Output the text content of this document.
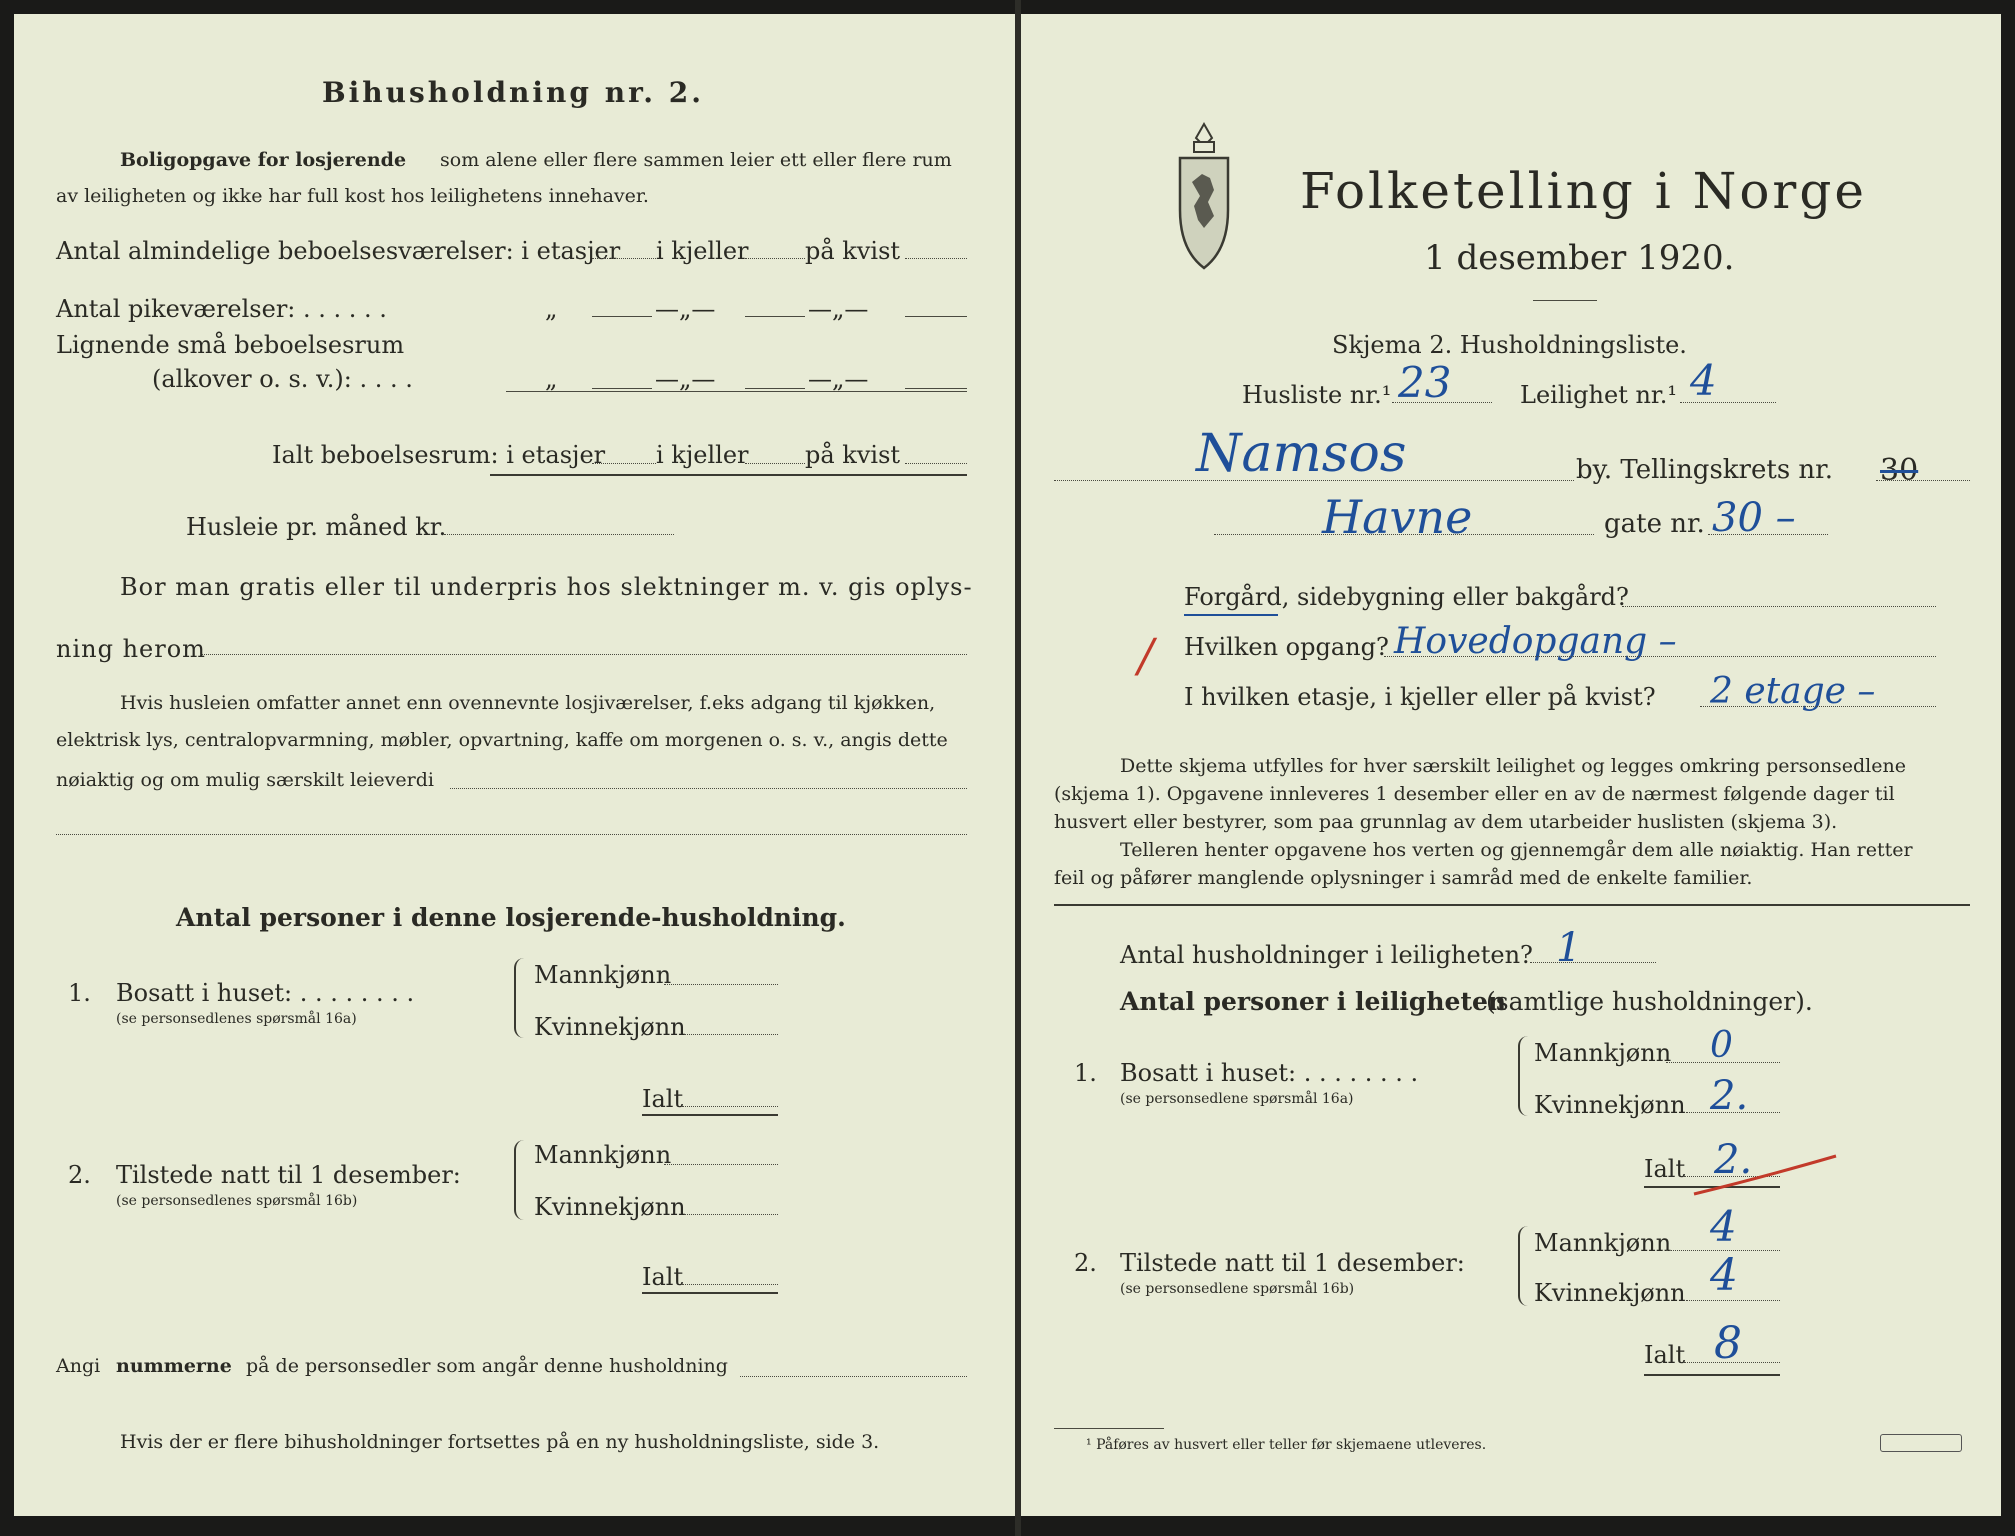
Bihusholdning nr. 2.
Boligopgave for losjerende som alene eller flere sammen leier ett eller flere rum
av leiligheten og ikke har full kost hos leilighetens innehaver.
Antal almindelige beboelsesværelser: i etasjer i kjeller på kvist
Antal pikeværelser: . . . . . .	„	—„—	—„—
Lignende små beboelsesrum
(alkover o. s. v.): . . . .	„	—„—	—„—
Ialt beboelsesrum: i etasjer i kjeller på kvist
Husleie pr. måned kr.
Bor man gratis eller til underpris hos slektninger m. v. gis oplys-
ning herom
Hvis husleien omfatter annet enn ovennevnte losjiværelser, f.eks adgang til kjøkken,
elektrisk lys, centralopvarmning, møbler, opvartning, kaffe om morgenen o. s. v., angis dette
nøiaktig og om mulig særskilt leieverdi
Antal personer i denne losjerende-husholdning.
1. Bosatt i huset: . . . . . . . .
(se personsedlenes spørsmål 16a)
Mannkjønn
Kvinnekjønn
Ialt
2. Tilstede natt til 1 desember:
(se personsedlenes spørsmål 16b)
Mannkjønn
Kvinnekjønn
Ialt
Angi nummerne på de personsedler som angår denne husholdning
Hvis der er flere bihusholdninger fortsettes på en ny husholdningsliste, side 3.
Folketelling i Norge
1 desember 1920.
Skjema 2. Husholdningsliste.
Husliste nr.¹ 23	Leilighet nr.¹ 4
Namsos	by. Tellingskrets nr. 30
Havne	gate nr. 30 –
Forgård, sidebygning eller bakgård?
/ Hvilken opgang? Hovedopgang –
I hvilken etasje, i kjeller eller på kvist? 2 etage –
Dette skjema utfylles for hver særskilt leilighet og legges omkring personsedlene
(skjema 1). Opgavene innleveres 1 desember eller en av de nærmest følgende dager til
husvert eller bestyrer, som paa grunnlag av dem utarbeider huslisten (skjema 3).
Telleren henter opgavene hos verten og gjennemgår dem alle nøiaktig. Han retter
feil og påfører manglende oplysninger i samråd med de enkelte familier.
Antal husholdninger i leiligheten? 1
Antal personer i leiligheten
(samtlige husholdninger).
1. Bosatt i huset: . . . . . . . .
(se personsedlene spørsmål 16a)
Mannkjønn 0
Kvinnekjønn 2.
Ialt 2.
2. Tilstede natt til 1 desember:
(se personsedlene spørsmål 16b)
Mannkjønn 4
Kvinnekjønn 4
Ialt 8
¹ Påføres av husvert eller teller før skjemaene utleveres.
